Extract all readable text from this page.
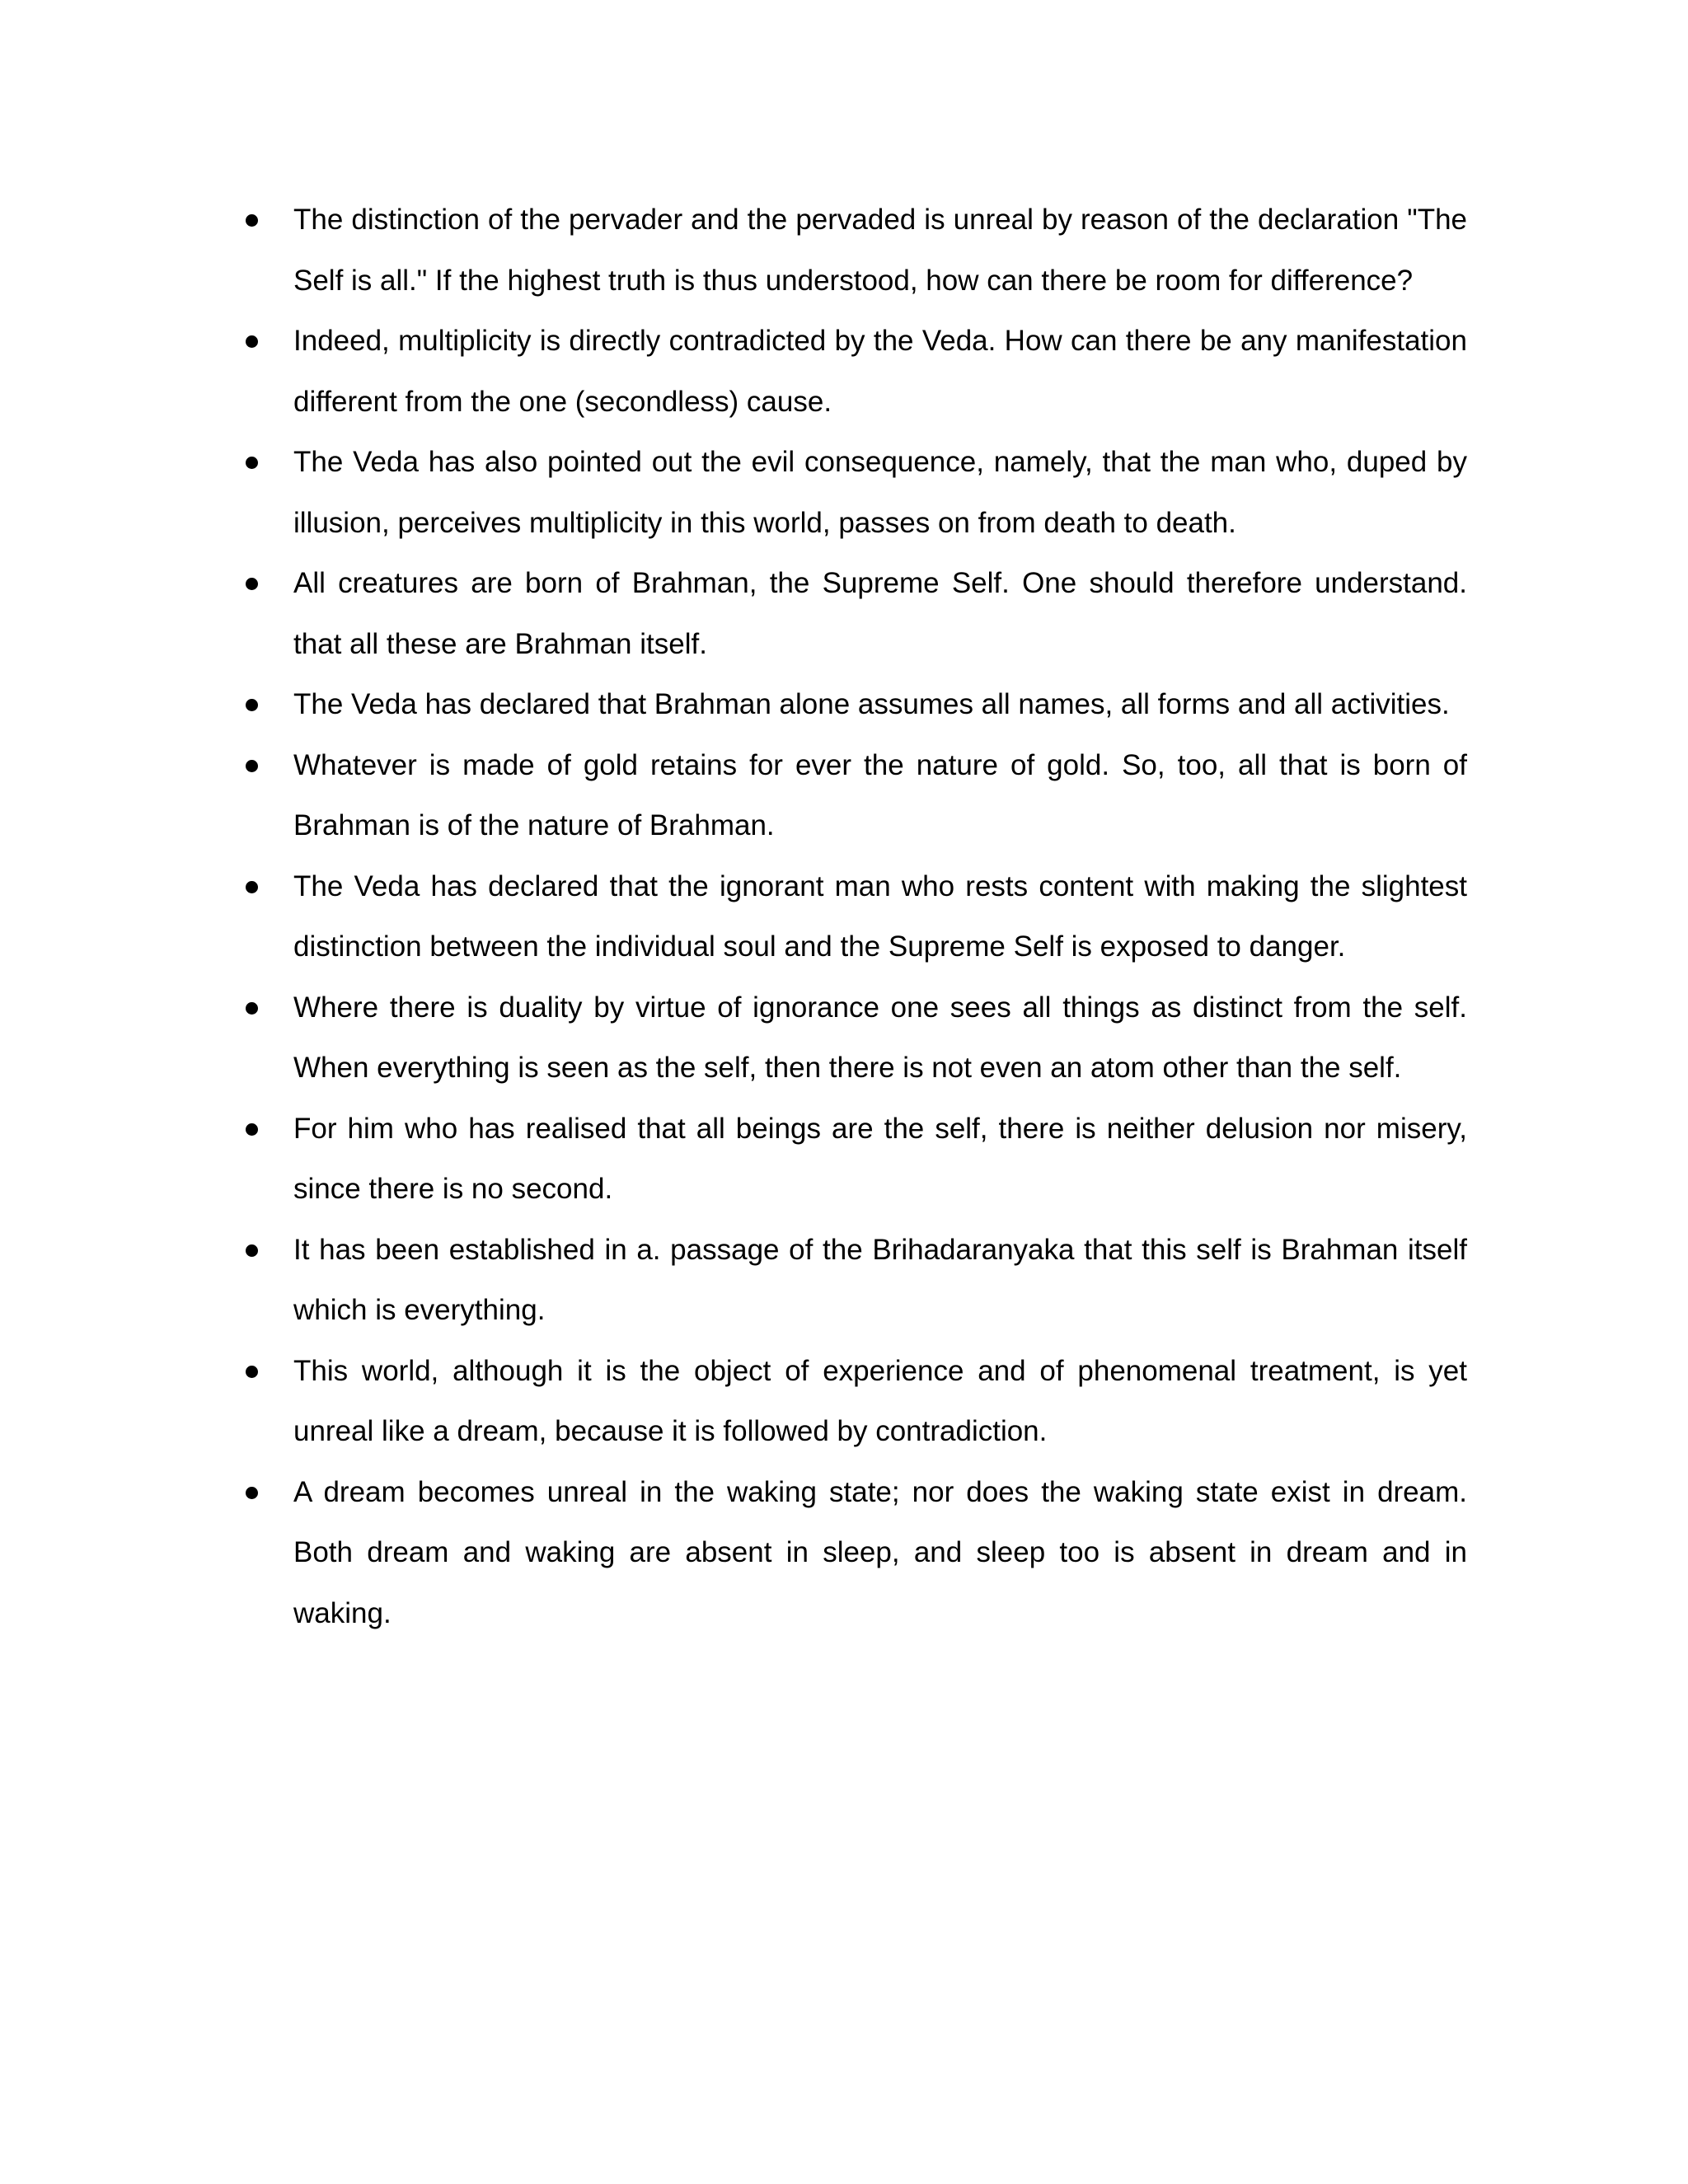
The distinction of the pervader and the pervaded is unreal by reason of the declaration "The Self is all." If the highest truth is thus understood, how can there be room for difference?
Indeed, multiplicity is directly contradicted by the Veda. How can there be any manifestation different from the one (secondless) cause.
The Veda has also pointed out the evil consequence, namely, that the man who, duped by illusion, perceives multiplicity in this world, passes on from death to death.
All creatures are born of Brahman, the Supreme Self. One should therefore understand. that all these are Brahman itself.
The Veda has declared that Brahman alone assumes all names, all forms and all activities.
Whatever is made of gold retains for ever the nature of gold. So, too, all that is born of Brahman is of the nature of Brahman.
The Veda has declared that the ignorant man who rests content with making the slightest distinction between the individual soul and the Supreme Self is exposed to danger.
Where there is duality by virtue of ignorance one sees all things as distinct from the self. When everything is seen as the self, then there is not even an atom other than the self.
For him who has realised that all beings are the self, there is neither delusion nor misery, since there is no second.
It has been established in a. passage of the Brihadaranyaka that this self is Brahman itself which is everything.
This world, although it is the object of experience and of phenomenal treatment, is yet unreal like a dream, because it is followed by contradiction.
A dream becomes unreal in the waking state; nor does the waking state exist in dream. Both dream and waking are absent in sleep, and sleep too is absent in dream and in waking.
